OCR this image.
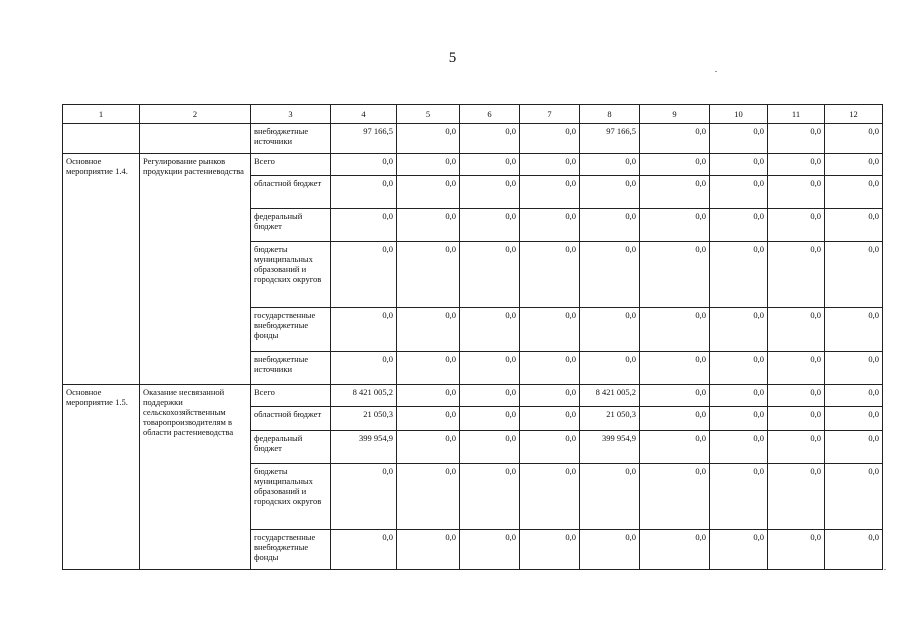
5
1	2	3	4	5	6	7	8	9	10	11	12
		внебюджетные источники	97 166,5	0,0	0,0	0,0	97 166,5	0,0	0,0	0,0	0,0
Основное мероприятие 1.4.	Регулирование рынков продукции растениеводства	Всего	0,0	0,0	0,0	0,0	0,0	0,0	0,0	0,0	0,0
		областной бюджет	0,0	0,0	0,0	0,0	0,0	0,0	0,0	0,0	0,0
		федеральный бюджет	0,0	0,0	0,0	0,0	0,0	0,0	0,0	0,0	0,0
		бюджеты муниципальных образований и городских округов	0,0	0,0	0,0	0,0	0,0	0,0	0,0	0,0	0,0
		государственные внебюджетные фонды	0,0	0,0	0,0	0,0	0,0	0,0	0,0	0,0	0,0
		внебюджетные источники	0,0	0,0	0,0	0,0	0,0	0,0	0,0	0,0	0,0
Основное мероприятие 1.5.	Оказание несвязанной поддержки сельскохозяйственным товаропроизводителям в области растениеводства	Всего	8 421 005,2	0,0	0,0	0,0	8 421 005,2	0,0	0,0	0,0	0,0
		областной бюджет	21 050,3	0,0	0,0	0,0	21 050,3	0,0	0,0	0,0	0,0
		федеральный бюджет	399 954,9	0,0	0,0	0,0	399 954,9	0,0	0,0	0,0	0,0
		бюджеты муниципальных образований и городских округов	0,0	0,0	0,0	0,0	0,0	0,0	0,0	0,0	0,0
		государственные внебюджетные фонды	0,0	0,0	0,0	0,0	0,0	0,0	0,0	0,0	0,0
